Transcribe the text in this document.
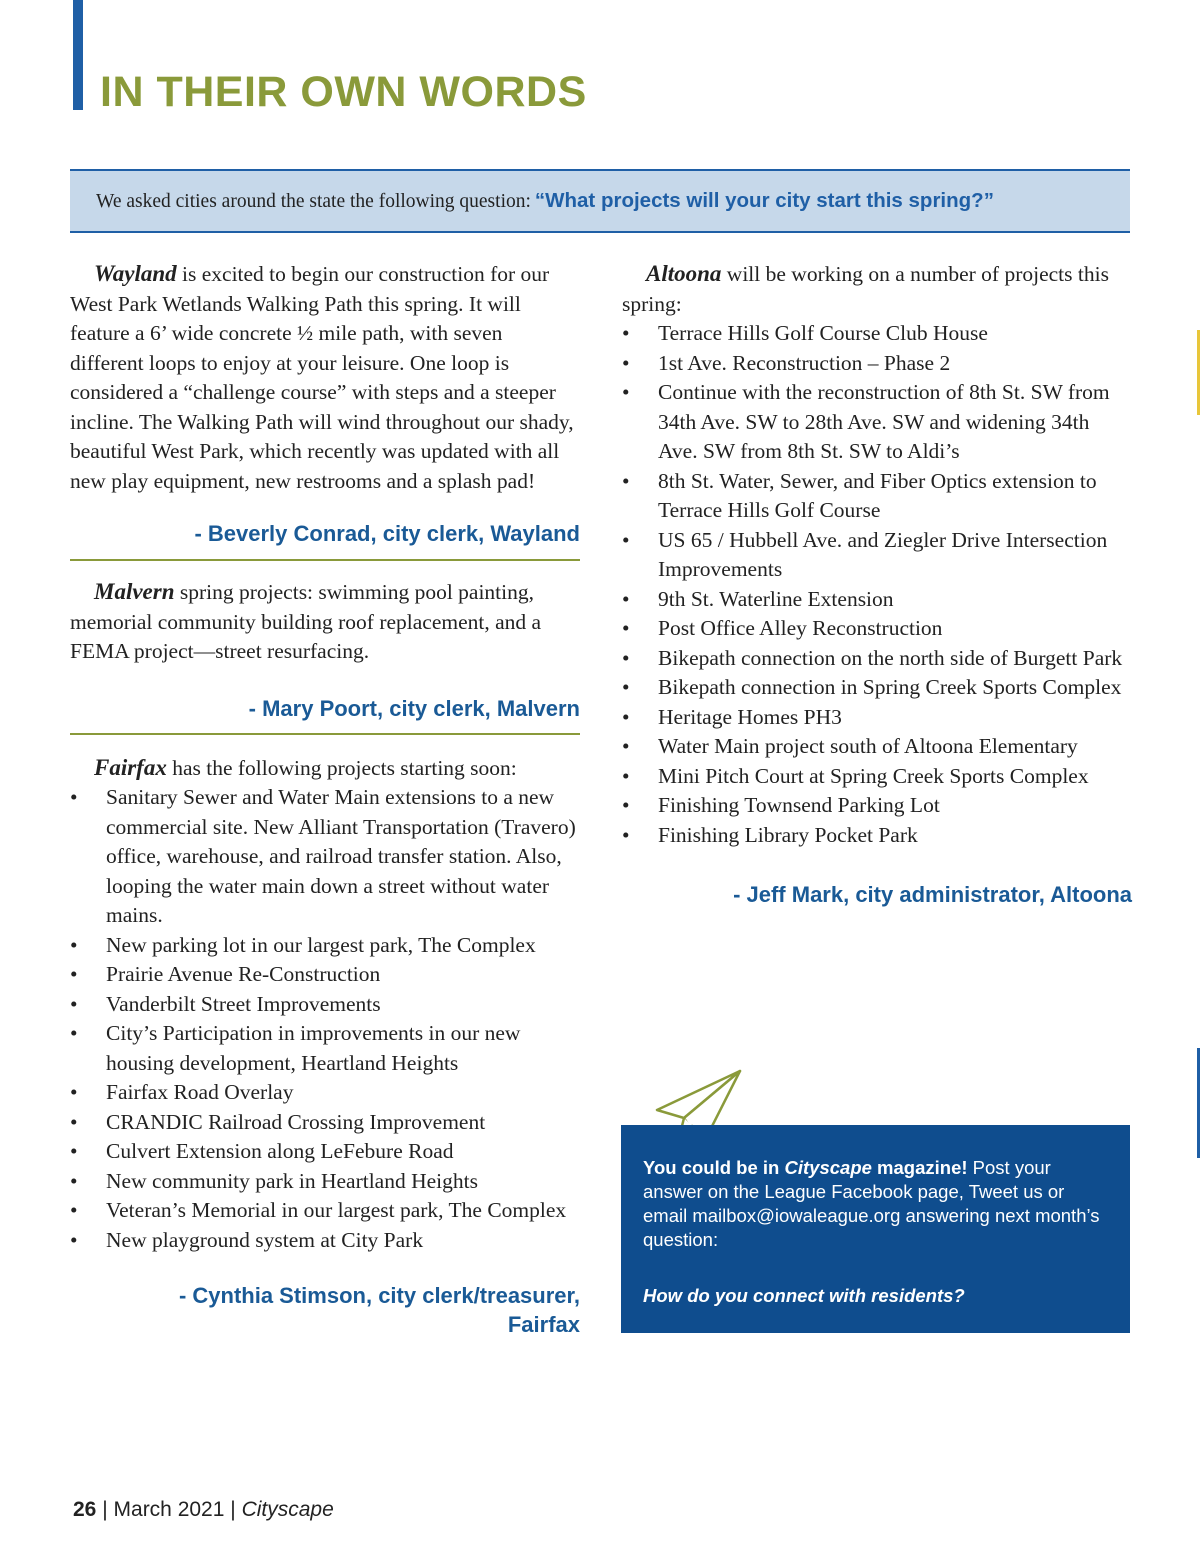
IN THEIR OWN WORDS
We asked cities around the state the following question: “What projects will your city start this spring?”

Wayland is excited to begin our construction for our West Park Wetlands Walking Path this spring. It will feature a 6’ wide concrete ½ mile path, with seven different loops to enjoy at your leisure. One loop is considered a “challenge course” with steps and a steeper incline. The Walking Path will wind throughout our shady, beautiful West Park, which recently was updated with all new play equipment, new restrooms and a splash pad!

- Beverly Conrad, city clerk, Wayland

Malvern spring projects: swimming pool painting, memorial community building roof replacement, and a FEMA project—street resurfacing.

- Mary Poort, city clerk, Malvern

Fairfax has the following projects starting soon:

• Sanitary Sewer and Water Main extensions to a new commercial site. New Alliant Transportation (Travero) office, warehouse, and railroad transfer station. Also, looping the water main down a street without water mains.
• New parking lot in our largest park, The Complex
• Prairie Avenue Re-Construction
• Vanderbilt Street Improvements
• City’s Participation in improvements in our new housing development, Heartland Heights
• Fairfax Road Overlay
• CRANDIC Railroad Crossing Improvement
• Culvert Extension along LeFebure Road
• New community park in Heartland Heights
• Veteran’s Memorial in our largest park, The Complex
• New playground system at City Park

- Cynthia Stimson, city clerk/treasurer,
Fairfax

Altoona will be working on a number of projects this spring:

• Terrace Hills Golf Course Club House
• 1st Ave. Reconstruction – Phase 2
• Continue with the reconstruction of 8th St. SW from 34th Ave. SW to 28th Ave. SW and widening 34th Ave. SW from 8th St. SW to Aldi’s
• 8th St. Water, Sewer, and Fiber Optics extension to Terrace Hills Golf Course
• US 65 / Hubbell Ave. and Ziegler Drive Intersection Improvements
• 9th St. Waterline Extension
• Post Office Alley Reconstruction
• Bikepath connection on the north side of Burgett Park
• Bikepath connection in Spring Creek Sports Complex
• Heritage Homes PH3
• Water Main project south of Altoona Elementary
• Mini Pitch Court at Spring Creek Sports Complex
• Finishing Townsend Parking Lot
• Finishing Library Pocket Park

- Jeff Mark, city administrator, Altoona

You could be in Cityscape magazine! Post your answer on the League Facebook page, Tweet us or email mailbox@iowaleague.org answering next month’s question:

How do you connect with residents?

26 | March 2021 | Cityscape
